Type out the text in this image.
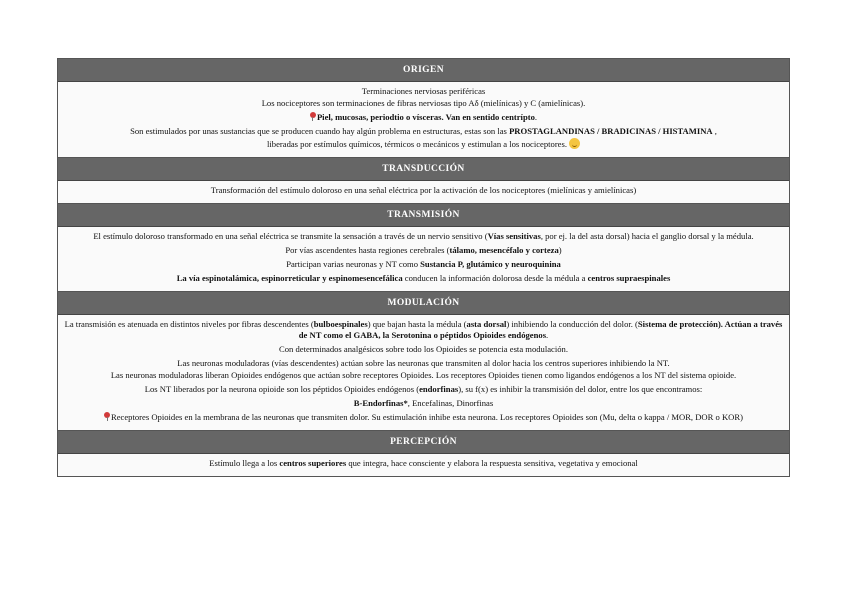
ORIGEN
Terminaciones nerviosas periféricas
Los nociceptores son terminaciones de fibras nerviosas tipo Aδ (mielínicas) y C (amielínicas).
Piel, mucosas, periodtio o vísceras. Van en sentido centrípto.
Son estimulados por unas sustancias que se producen cuando hay algún problema en estructuras, estas son las PROSTAGLANDINAS / BRADICINAS / HISTAMINA ,
liberadas por estímulos químicos, térmicos o mecánicos y estimulan a los nociceptores.
TRANSDUCCIÓN
Transformación del estímulo doloroso en una señal eléctrica por la activación de los nociceptores (mielínicas y amielínicas)
TRANSMISIÓN
El estímulo doloroso transformado en una señal eléctrica se transmite la sensación a través de un nervio sensitivo (Vías sensitivas, por ej. la del asta dorsal) hacia el ganglio dorsal y la médula.
Por vías ascendentes hasta regiones cerebrales (tálamo, mesencéfalo y corteza)
Participan varias neuronas y NT como Sustancia P, glutámico y neuroquinina
La vía espinotalámica, espinorreticular y espinomesencefálica conducen la información dolorosa desde la médula a centros supraespinales
MODULACIÓN
La transmisión es atenuada en distintos niveles por fibras descendentes (bulboespinales) que bajan hasta la médula (asta dorsal) inhibiendo la conducción del dolor. (Sistema de protección). Actúan a través de NT como el GABA, la Serotonina o péptidos Opioides endógenos.
Con determinados analgésicos sobre todo los Opioides se potencia esta modulación.
Las neuronas moduladoras (vías descendentes) actúan sobre las neuronas que transmiten al dolor hacia los centros superiores inhibiendo la NT.
Las neuronas moduladoras liberan Opioides endógenos que actúan sobre receptores Opioides. Los receptores Opioides tienen como ligandos endógenos a los NT del sistema opioide.
Los NT liberados por la neurona opioide son los péptidos Opioides endógenos (endorfinas), su f(x) es inhibir la transmisión del dolor, entre los que encontramos:
B-Endorfinas*, Encefalinas, Dinorfinas
Receptores Opioides en la membrana de las neuronas que transmiten dolor. Su estimulación inhibe esta neurona. Los receptores Opioides son (Mu, delta o kappa / MOR, DOR o KOR)
PERCEPCIÓN
Estímulo llega a los centros superiores que integra, hace consciente y elabora la respuesta sensitiva, vegetativa y emocional
